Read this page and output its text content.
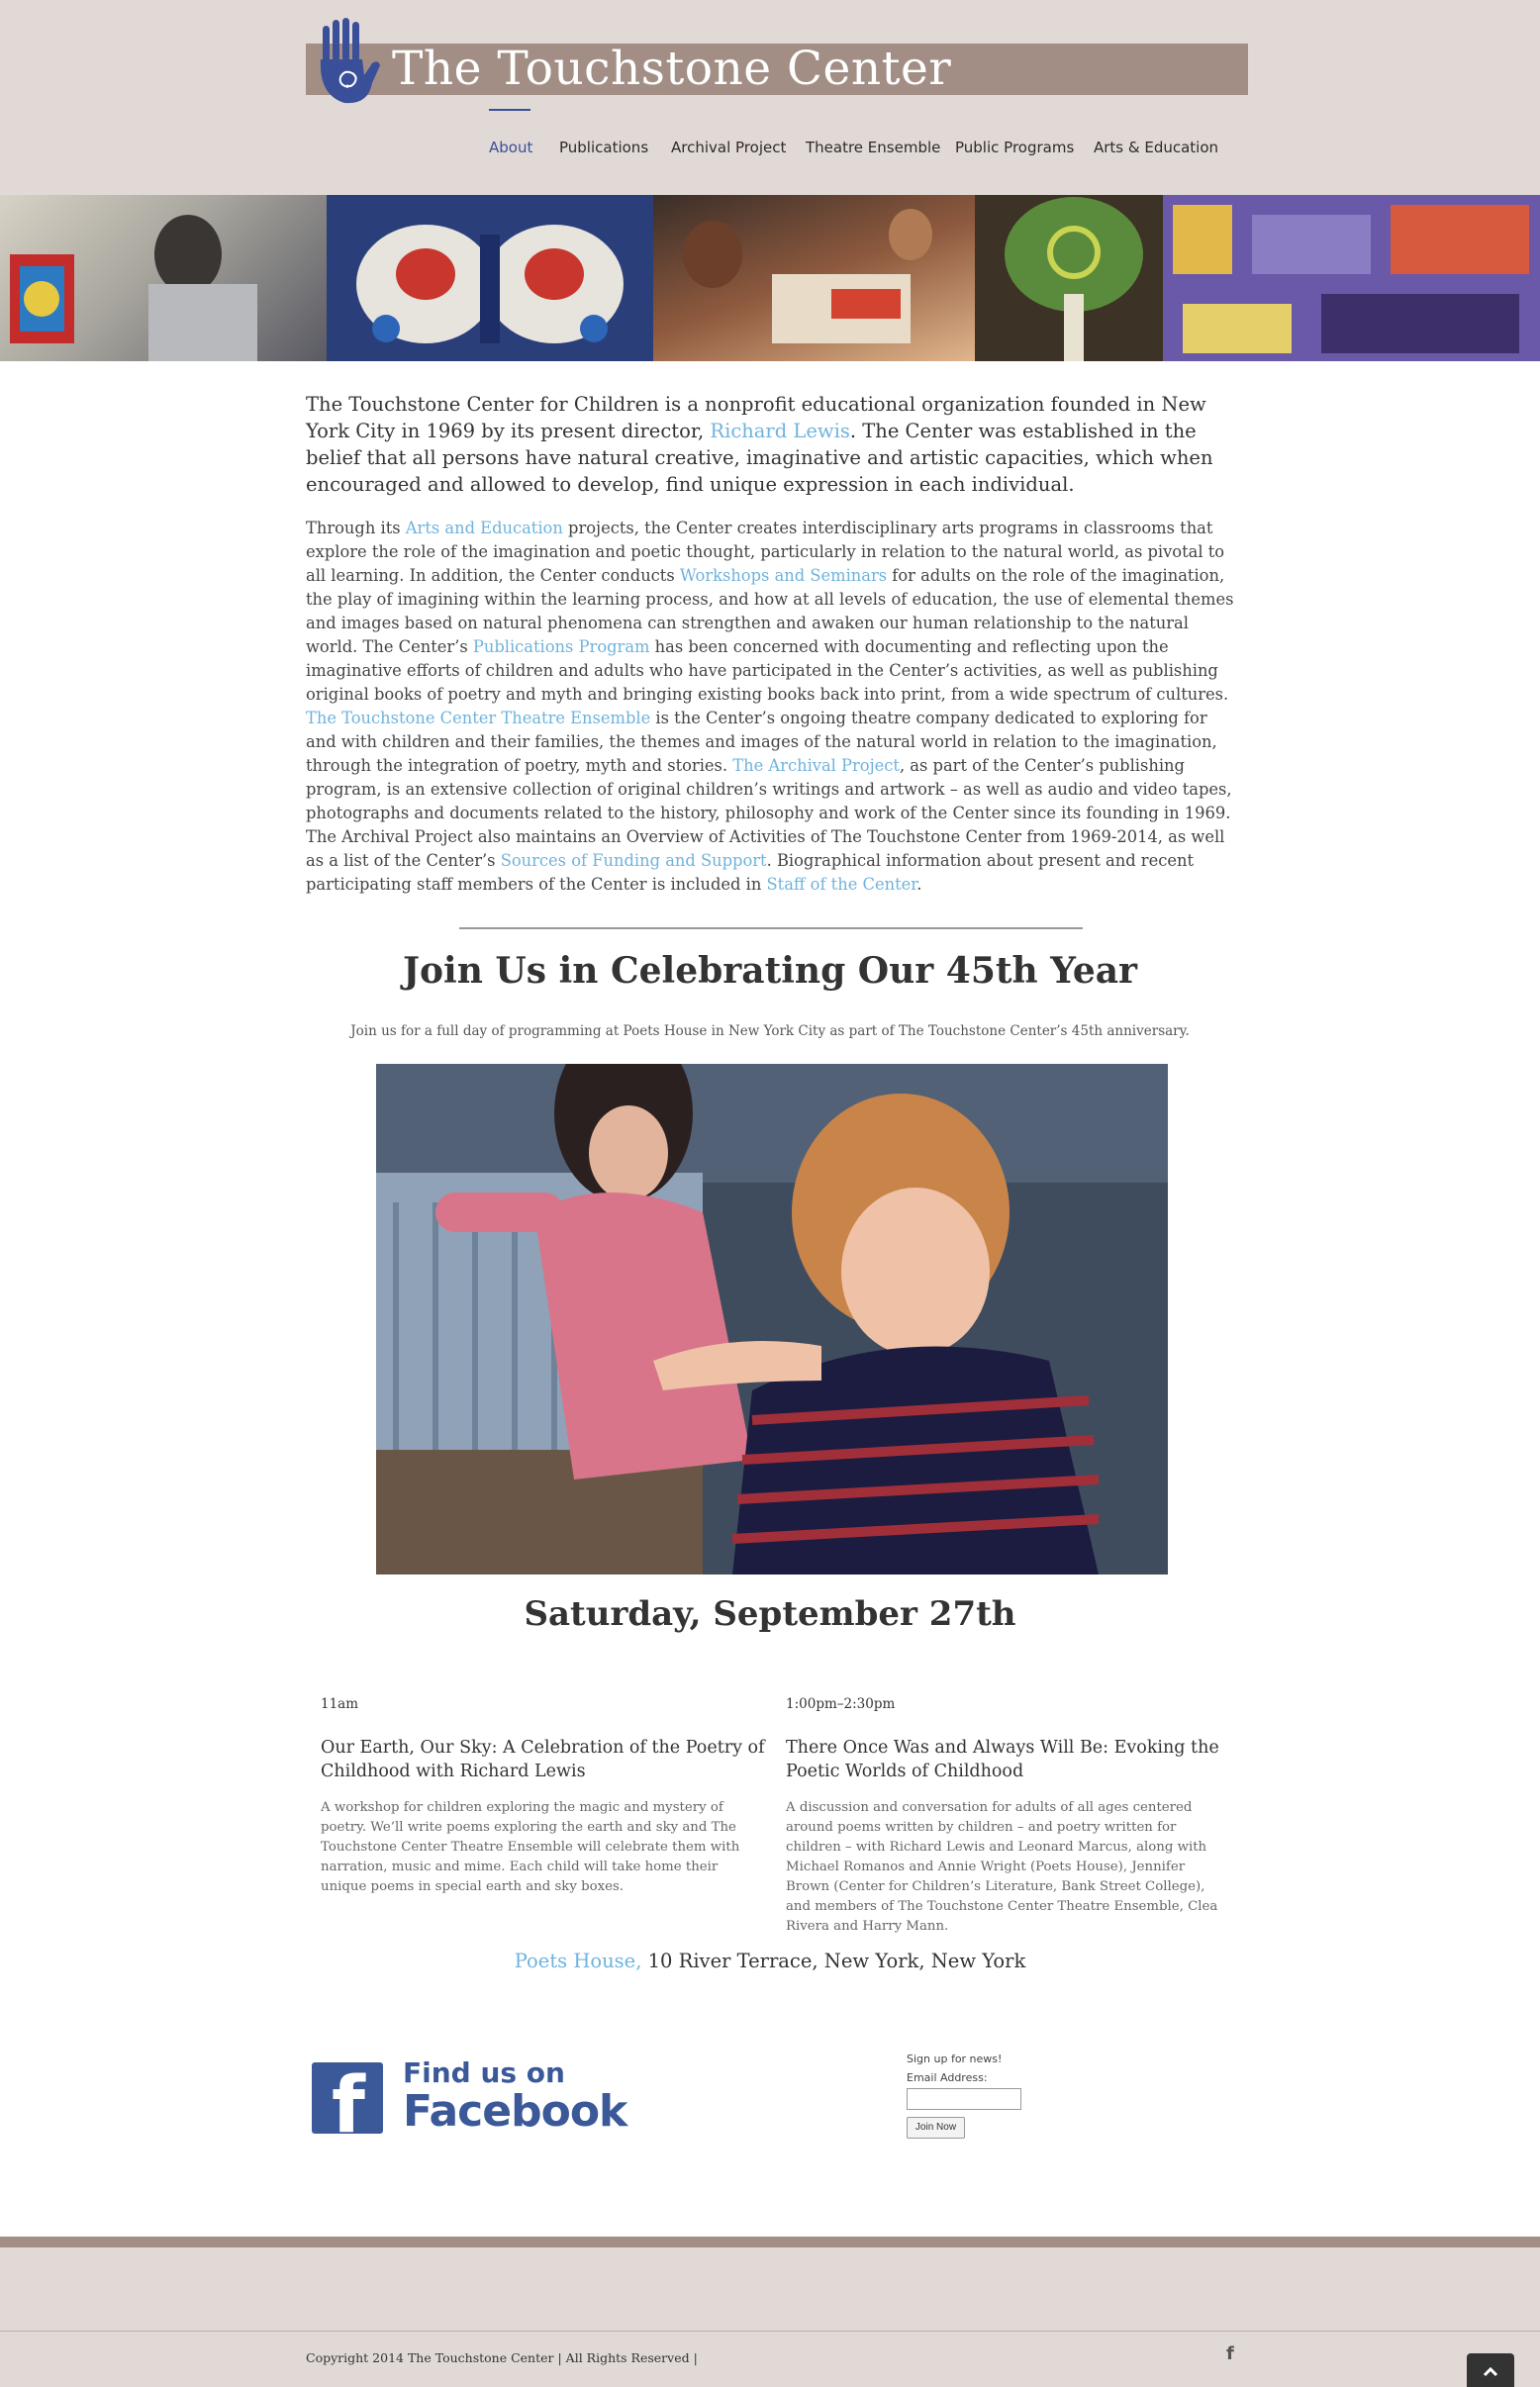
The Touchstone Center
About Publications Archival Project Theatre Ensemble Public Programs Arts & Education

The Touchstone Center for Children is a nonprofit educational organization founded in New York City in 1969 by its present director, Richard Lewis. The Center was established in the belief that all persons have natural creative, imaginative and artistic capacities, which when encouraged and allowed to develop, find unique expression in each individual.

Through its Arts and Education projects, the Center creates interdisciplinary arts programs in classrooms that explore the role of the imagination and poetic thought, particularly in relation to the natural world, as pivotal to all learning. In addition, the Center conducts Workshops and Seminars for adults on the role of the imagination, the play of imagining within the learning process, and how at all levels of education, the use of elemental themes and images based on natural phenomena can strengthen and awaken our human relationship to the natural world. The Center’s Publications Program has been concerned with documenting and reflecting upon the imaginative efforts of children and adults who have participated in the Center’s activities, as well as publishing original books of poetry and myth and bringing existing books back into print, from a wide spectrum of cultures. The Touchstone Center Theatre Ensemble is the Center’s ongoing theatre company dedicated to exploring for and with children and their families, the themes and images of the natural world in relation to the imagination, through the integration of poetry, myth and stories. The Archival Project, as part of the Center’s publishing program, is an extensive collection of original children’s writings and artwork – as well as audio and video tapes, photographs and documents related to the history, philosophy and work of the Center since its founding in 1969. The Archival Project also maintains an Overview of Activities of The Touchstone Center from 1969-2014, as well as a list of the Center’s Sources of Funding and Support. Biographical information about present and recent participating staff members of the Center is included in Staff of the Center.

Join Us in Celebrating Our 45th Year

Join us for a full day of programming at Poets House in New York City as part of The Touchstone Center’s 45th anniversary.

Saturday, September 27th
11am
Our Earth, Our Sky: A Celebration of the Poetry of Childhood with Richard Lewis
A workshop for children exploring the magic and mystery of poetry. We’ll write poems exploring the earth and sky and The Touchstone Center Theatre Ensemble will celebrate them with narration, music and mime. Each child will take home their unique poems in special earth and sky boxes.
1:00pm–2:30pm
There Once Was and Always Will Be: Evoking the Poetic Worlds of Childhood
A discussion and conversation for adults of all ages centered around poems written by children – and poetry written for children – with Richard Lewis and Leonard Marcus, along with Michael Romanos and Annie Wright (Poets House), Jennifer Brown (Center for Children’s Literature, Bank Street College), and members of The Touchstone Center Theatre Ensemble, Clea Rivera and Harry Mann.

Poets House, 10 River Terrace, New York, New York

f Find us on
Facebook
Sign up for news!
Email Address:
Join Now
Copyright 2014 The Touchstone Center | All Rights Reserved |	f
